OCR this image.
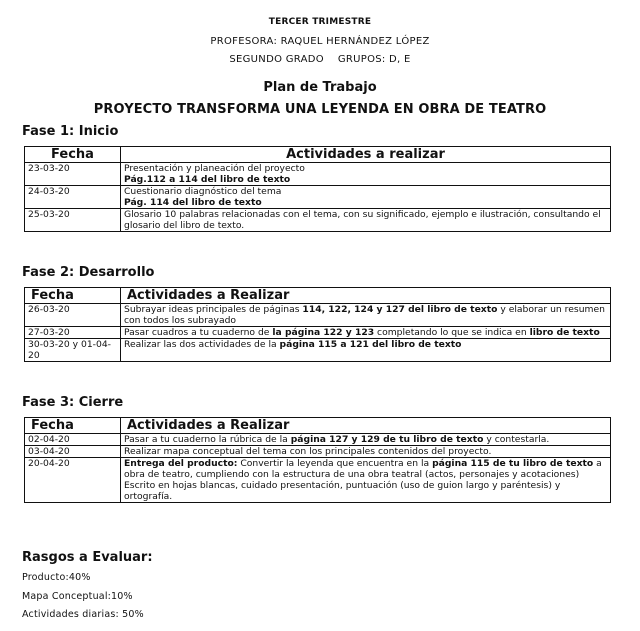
TERCER TRIMESTRE
PROFESORA: RAQUEL HERNÁNDEZ LÓPEZ
SEGUNDO GRADO    GRUPOS: D, E
Plan de Trabajo
PROYECTO TRANSFORMA UNA LEYENDA EN OBRA DE TEATRO
Fase 1: Inicio
Fecha	Actividades a realizar
23-03-20	Presentación y planeación del proyecto
Pág.112 a 114 del libro de texto
24-03-20	Cuestionario diagnóstico del tema
Pág. 114 del libro de texto
25-03-20	Glosario 10 palabras relacionadas con el tema, con su significado, ejemplo e ilustración, consultando el glosario del libro de texto.
Fase 2: Desarrollo
Fecha	Actividades a Realizar
26-03-20	Subrayar ideas principales de páginas 114, 122, 124 y 127 del libro de texto y elaborar un resumen con todos los subrayado
27-03-20	Pasar cuadros a tu cuaderno de la página 122 y 123 completando lo que se indica en libro de texto
30-03-20 y 01-04-20	Realizar las dos actividades de la página 115 a 121 del libro de texto
Fase 3: Cierre
Fecha	Actividades a Realizar
02-04-20	Pasar a tu cuaderno la rúbrica de la página 127 y 129 de tu libro de texto y contestarla.
03-04-20	Realizar mapa conceptual del tema con los principales contenidos del proyecto.
20-04-20	Entrega del producto: Convertir la leyenda que encuentra en la página 115 de tu libro de texto a obra de teatro, cumpliendo con la estructura de una obra teatral (actos, personajes y acotaciones)
Escrito en hojas blancas, cuidado presentación, puntuación (uso de guion largo y paréntesis) y ortografía.
Rasgos a Evaluar:
Producto:40%
Mapa Conceptual:10%
Actividades diarias: 50%
